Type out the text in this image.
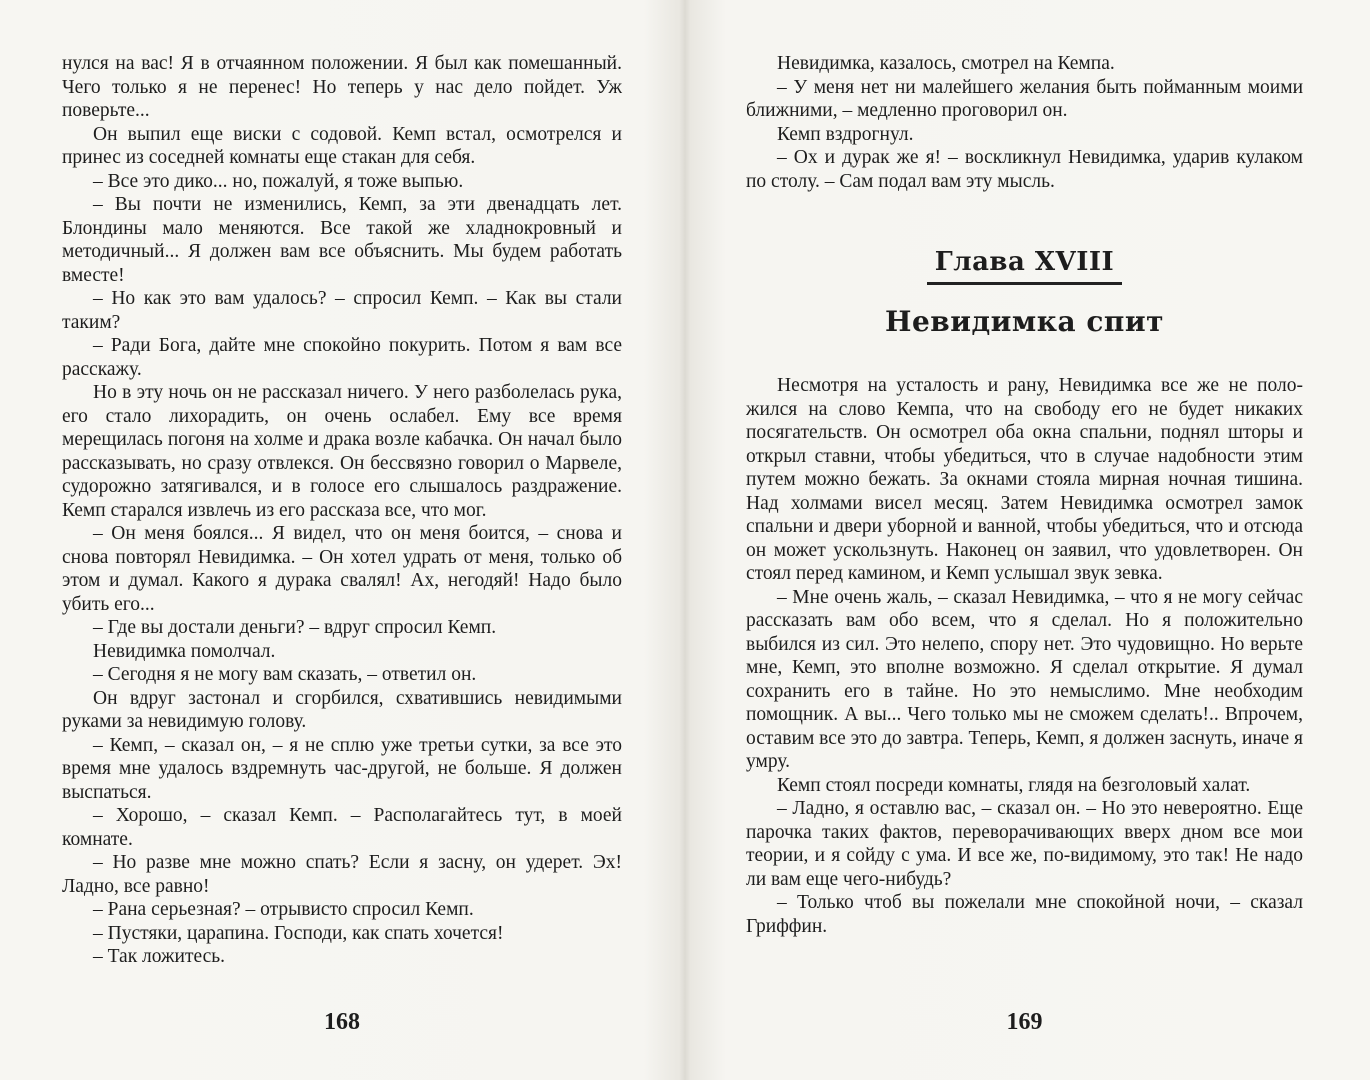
нулся на вас! Я в отчаянном положении. Я был как помешанный. Чего только я не перенес! Но теперь у нас дело пойдет. Уж поверьте...

Он выпил еще виски с содовой. Кемп встал, осмотрелся и принес из соседней комнаты еще стакан для себя.

– Все это дико... но, пожалуй, я тоже выпью.

– Вы почти не изменились, Кемп, за эти двенадцать лет. Блондины мало меняются. Все такой же хладнокровный и методичный... Я должен вам все объяснить. Мы будем работать вместе!

– Но как это вам удалось? – спросил Кемп. – Как вы стали таким?

– Ради Бога, дайте мне спокойно покурить. Потом я вам все расскажу.

Но в эту ночь он не рассказал ничего. У него разболелась рука, его стало лихорадить, он очень ослабел. Ему все время мерещилась погоня на холме и драка возле кабачка. Он начал было рассказывать, но сразу отвлекся. Он бессвязно говорил о Марвеле, судорожно затягивался, и в голосе его слышалось раздражение. Кемп старался извлечь из его рассказа все, что мог.

– Он меня боялся... Я видел, что он меня боится, – снова и снова повторял Невидимка. – Он хотел удрать от меня, только об этом и думал. Какого я дурака свалял! Ах, негодяй! Надо было убить его...

– Где вы достали деньги? – вдруг спросил Кемп.

Невидимка помолчал.

– Сегодня я не могу вам сказать, – ответил он.

Он вдруг застонал и сгорбился, схватившись невидимыми руками за невидимую голову.

– Кемп, – сказал он, – я не сплю уже третьи сутки, за все это время мне удалось вздремнуть час-другой, не больше. Я должен выспаться.

– Хорошо, – сказал Кемп. – Располагайтесь тут, в моей комнате.

– Но разве мне можно спать? Если я засну, он удерет. Эх! Ладно, все равно!

– Рана серьезная? – отрывисто спросил Кемп.

– Пустяки, царапина. Господи, как спать хочется!

– Так ложитесь.

168

Невидимка, казалось, смотрел на Кемпа.

– У меня нет ни малейшего желания быть пойманным моими ближними, – медленно проговорил он.

Кемп вздрогнул.

– Ох и дурак же я! – воскликнул Невидимка, ударив кулаком по столу. – Сам подал вам эту мысль.

Глава XVIII
Невидимка спит

Несмотря на усталость и рану, Невидимка все же не положился на слово Кемпа, что на свободу его не будет никаких посягательств. Он осмотрел оба окна спальни, поднял шторы и открыл ставни, чтобы убедиться, что в случае надобности этим путем можно бежать. За окнами стояла мирная ночная тишина. Над холмами висел месяц. Затем Невидимка осмотрел замок спальни и двери уборной и ванной, чтобы убедиться, что и отсюда он может ускользнуть. Наконец он заявил, что удовлетворен. Он стоял перед камином, и Кемп услышал звук зевка.

– Мне очень жаль, – сказал Невидимка, – что я не могу сейчас рассказать вам обо всем, что я сделал. Но я положительно выбился из сил. Это нелепо, спору нет. Это чудовищно. Но верьте мне, Кемп, это вполне возможно. Я сделал открытие. Я думал сохранить его в тайне. Но это немыслимо. Мне необходим помощник. А вы... Чего только мы не сможем сделать!.. Впрочем, оставим все это до завтра. Теперь, Кемп, я должен заснуть, иначе я умру.

Кемп стоял посреди комнаты, глядя на безголовый халат.

– Ладно, я оставлю вас, – сказал он. – Но это невероятно. Еще парочка таких фактов, переворачивающих вверх дном все мои теории, и я сойду с ума. И все же, по-видимому, это так! Не надо ли вам еще чего-нибудь?

– Только чтоб вы пожелали мне спокойной ночи, – сказал Гриффин.

169
